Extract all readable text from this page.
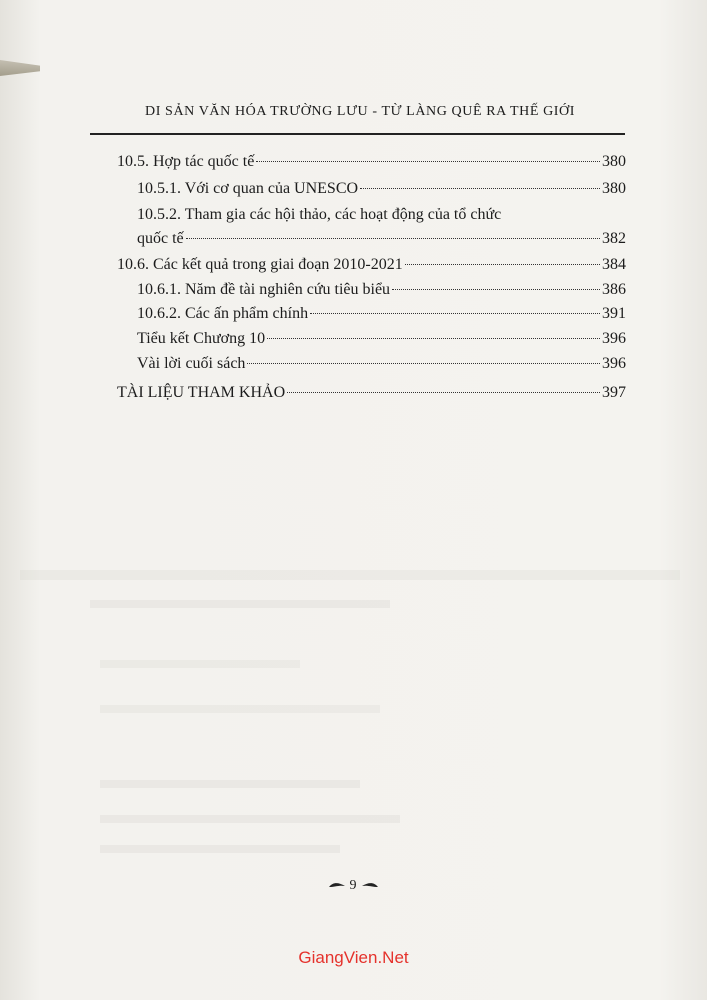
DI SẢN VĂN HÓA TRƯỜNG LƯU - TỪ LÀNG QUÊ RA THẾ GIỚI
10.5. Hợp tác quốc tế	380
10.5.1. Với cơ quan của UNESCO	380
10.5.2. Tham gia các hội thảo, các hoạt động của tổ chức
quốc tế	382
10.6. Các kết quả trong giai đoạn 2010-2021	384
10.6.1. Năm đề tài nghiên cứu tiêu biểu	386
10.6.2. Các ấn phẩm chính	391
Tiểu kết Chương 10	396
Vài lời cuối sách	396
TÀI LIỆU THAM KHẢO	397
9
GiangVien.Net
